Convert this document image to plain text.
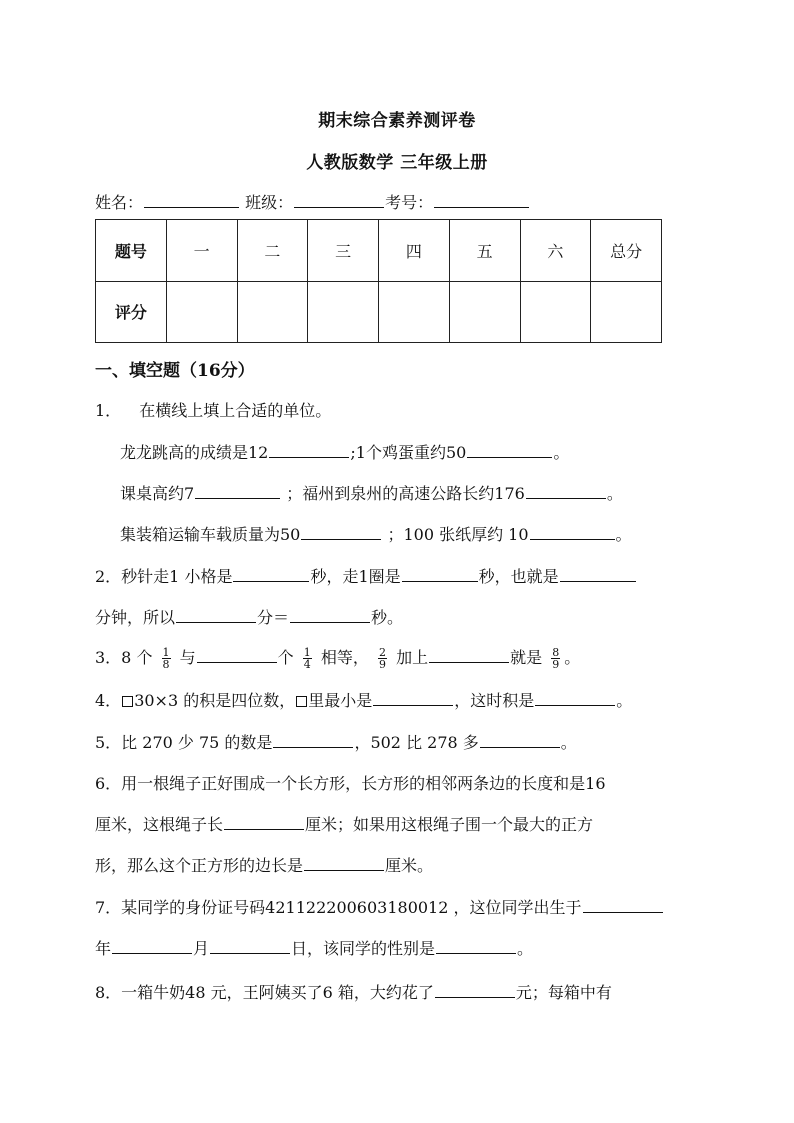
期末综合素养测评卷
人教版数学 三年级上册
姓名：	班级：	考号：
题号	一	二	三	四	五	六	总分
评分							
一、填空题（16分）
1． 在横线上填上合适的单位。
龙龙跳高的成绩是12	;1个鸡蛋重约50	。
课桌高约7	；福州到泉州的高速公路长约176	。
集装箱运输车载质量为50	；100 张纸厚约 10	。
2．秒针走1 小格是	秒，走1圈是	秒，也就是
分钟，所以	分＝	秒。
3．8 个 $\frac{1}{8}$ 与	个 $\frac{1}{4}$ 相等， $\frac{2}{9}$ 加上	就是 $\frac{8}{9}$ 。
4． 30×3 的积是四位数， 里最小是	，这时积是	。
5．比 270 少 75 的数是	，502 比 278 多	。
6．用一根绳子正好围成一个长方形，长方形的相邻两条边的长度和是16
厘米，这根绳子长	厘米；如果用这根绳子围一个最大的正方
形，那么这个正方形的边长是	厘米。
7．某同学的身份证号码421122200603180012 ，这位同学出生于
年	月	日，该同学的性别是	。
8．一箱牛奶48 元，王阿姨买了6 箱，大约花了	元；每箱中有
